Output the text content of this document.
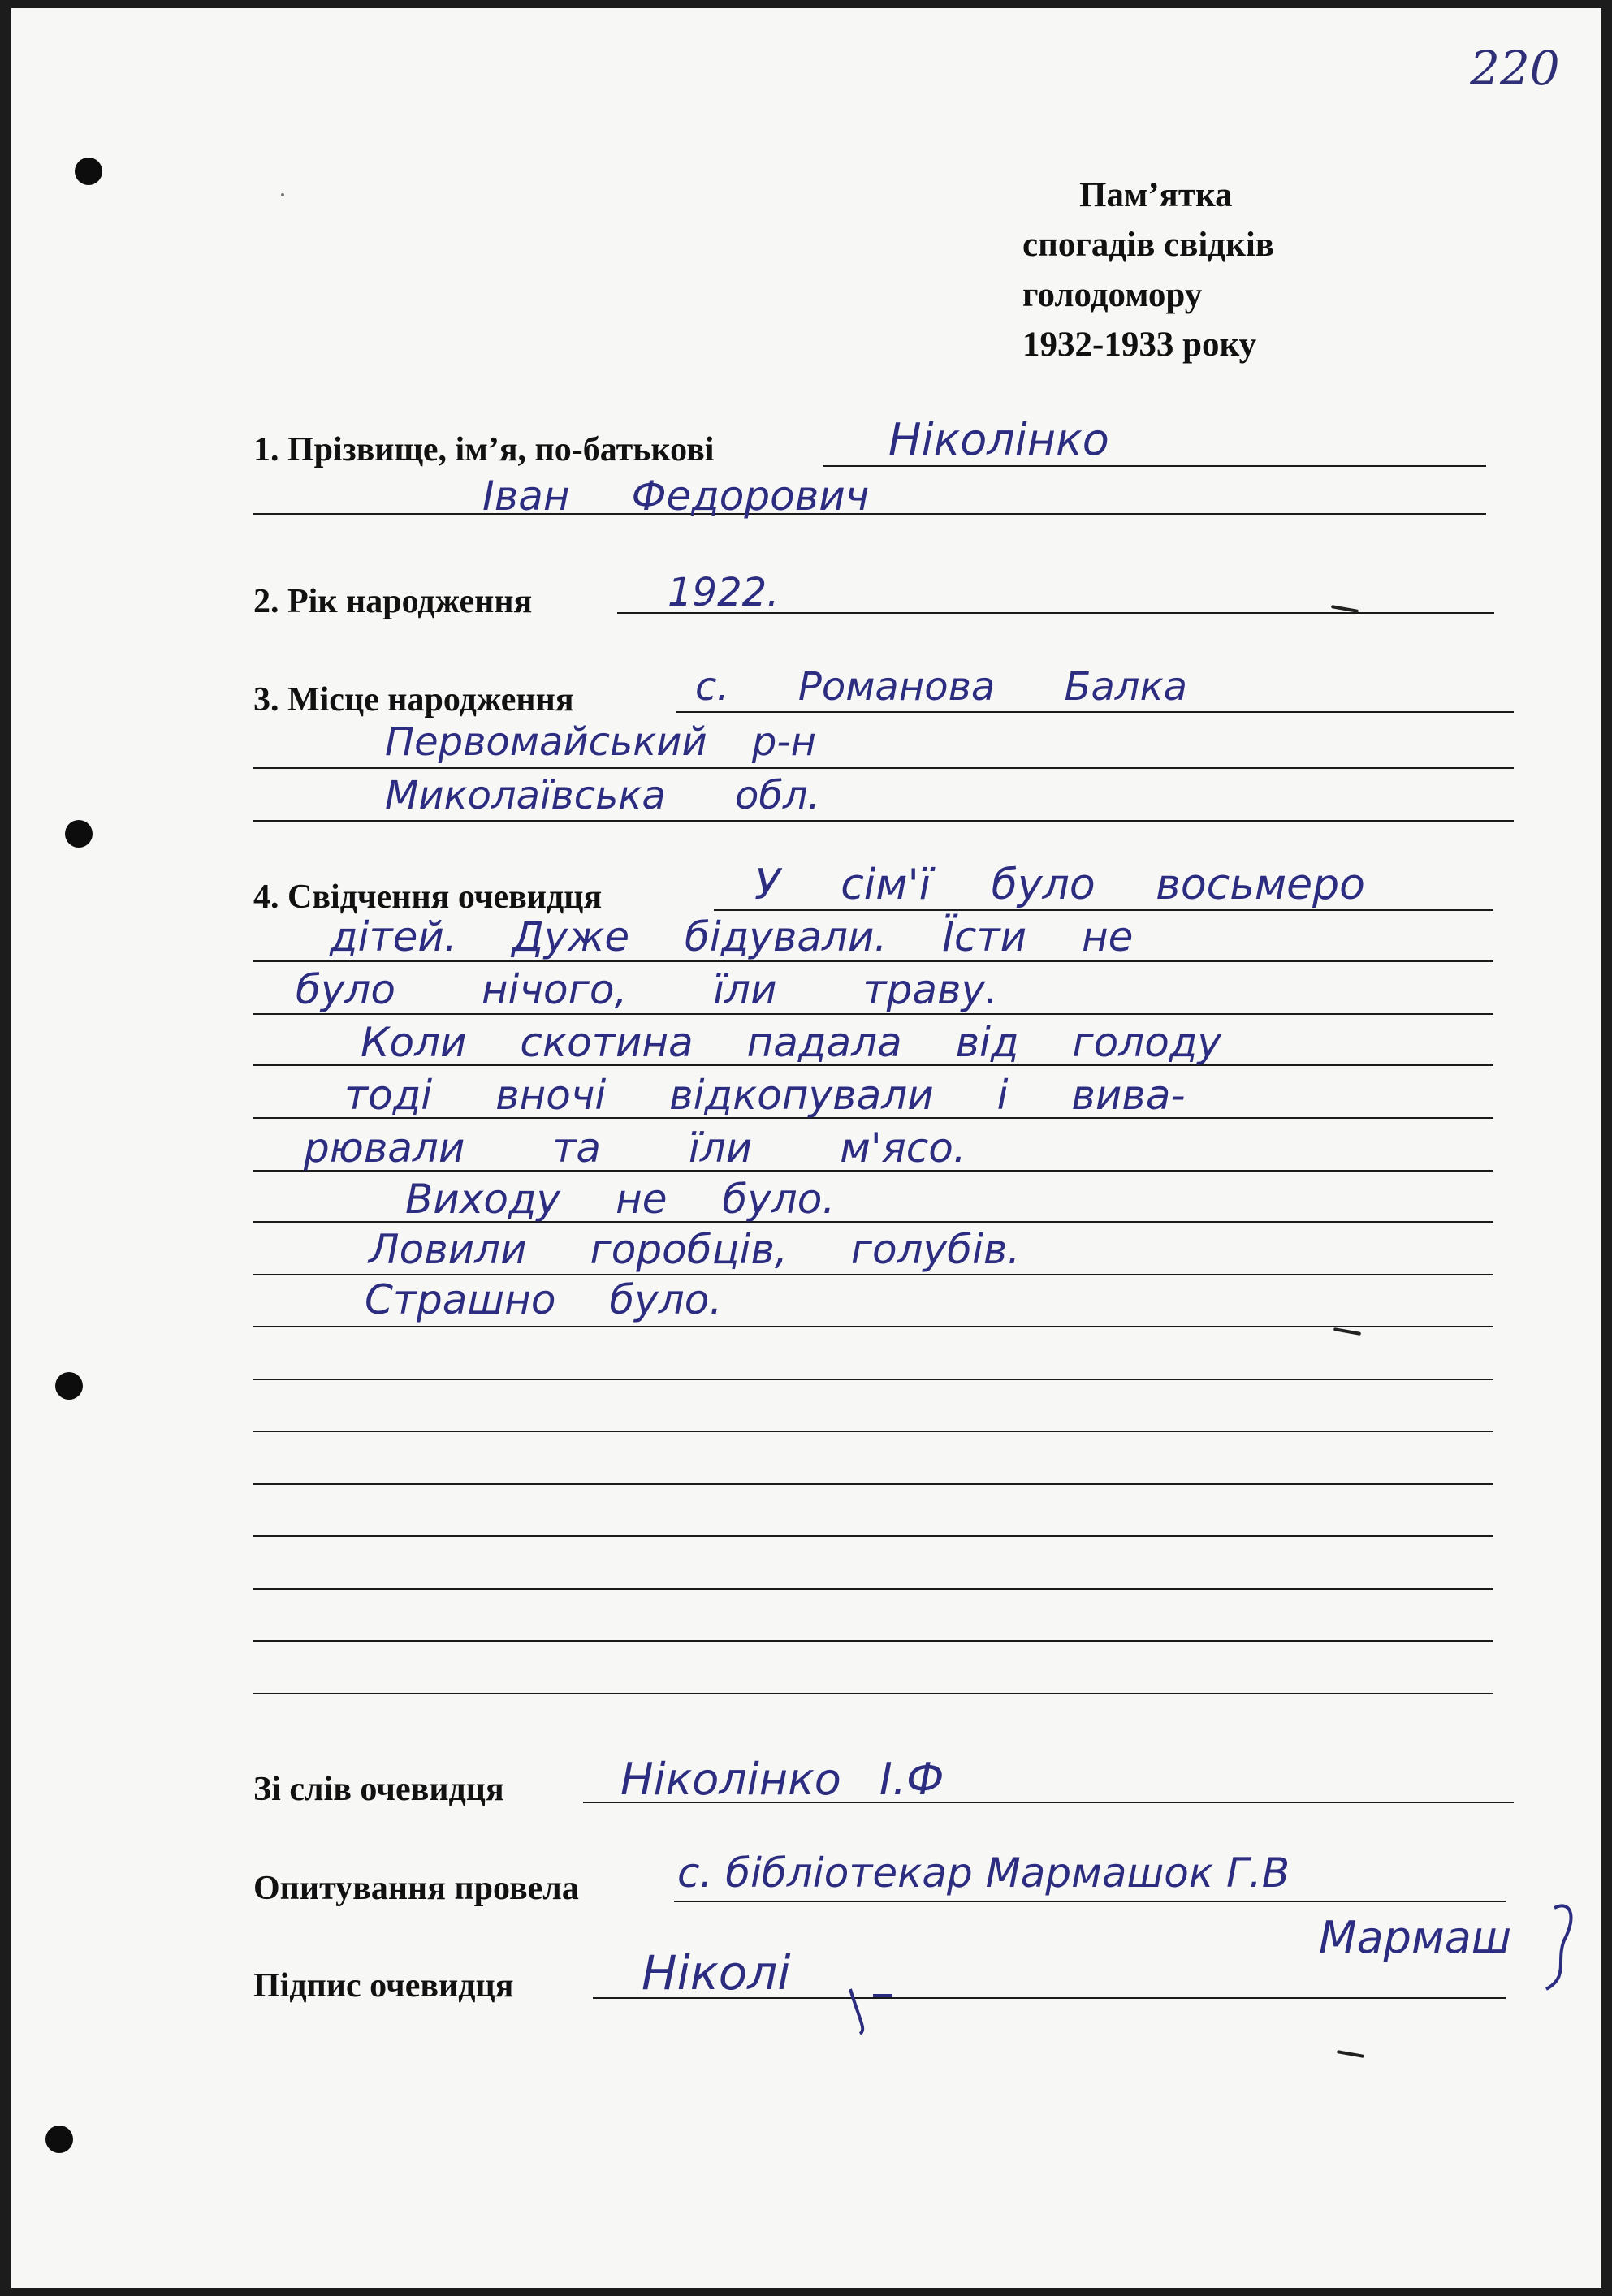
220
Пам’ятка
спогадів свідків
голодомору
1932-1933 року
1. Прізвище, ім’я, по-батькові	Ніколінко
Іван Федорович
2. Рік народження	1922.
3. Місце народження	с. Романова Балка
Первомайський р-н
Миколаївська обл.
4. Свідчення очевидця	У сім'ї було восьмеро
дітей. Дуже бідували. Їсти не
було нічого, їли траву.
Коли скотина падала від голоду
тоді вночі відкопували і вива-
рювали та їли м'ясо.
Виходу не було.
Ловили горобців, голубів.
Страшно було.
Зі слів очевидця	Ніколінко І.Ф
Опитування провела с. бібліотекар Мармашок Г.В
Мармаш
Підпис очевидця	Ніколі
